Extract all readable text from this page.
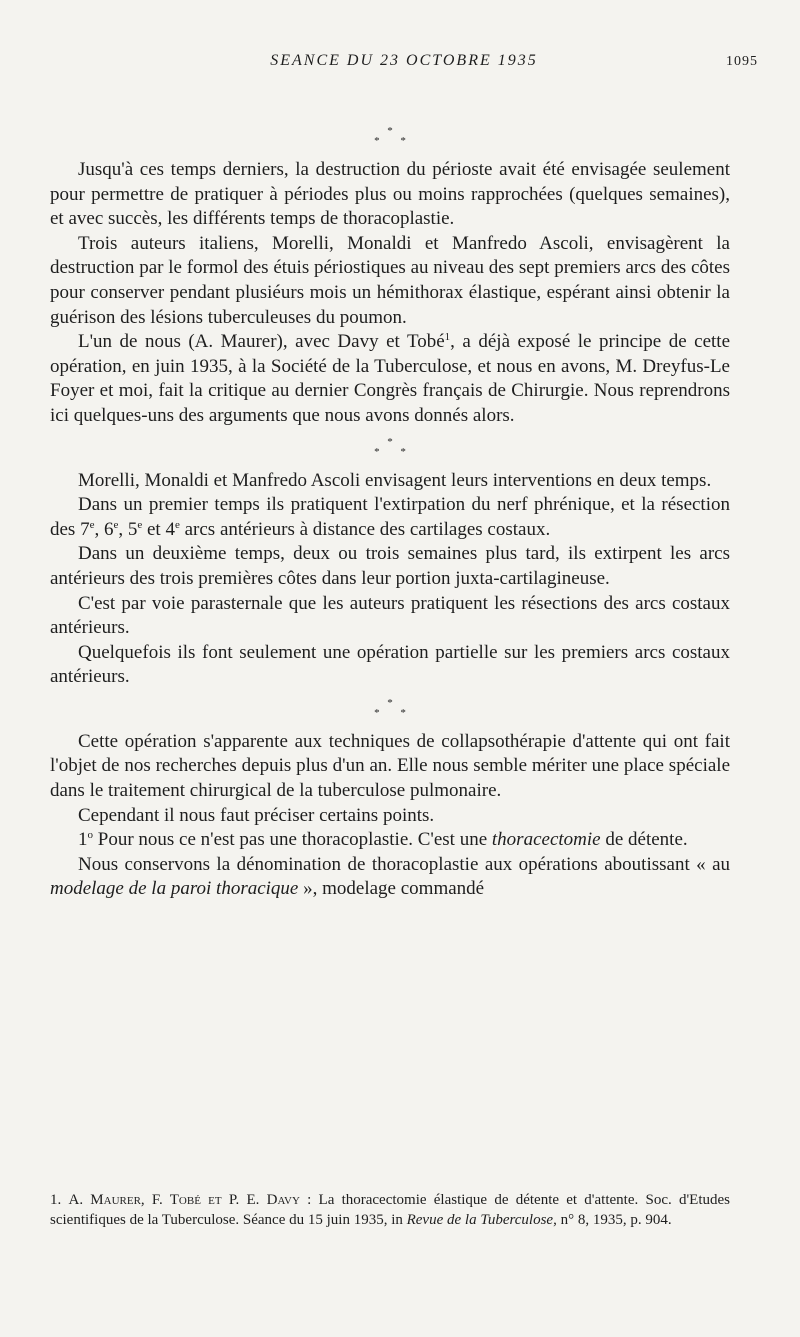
SEANCE DU 23 OCTOBRE 1935	1095
*
* *

Jusqu'à ces temps derniers, la destruction du périoste avait été envisagée seulement pour permettre de pratiquer à périodes plus ou moins rapprochées (quelques semaines), et avec succès, les différents temps de thoracoplastie.

Trois auteurs italiens, Morelli, Monaldi et Manfredo Ascoli, envisagèrent la destruction par le formol des étuis périostiques au niveau des sept premiers arcs des côtes pour conserver pendant plusiéurs mois un hémithorax élastique, espérant ainsi obtenir la guérison des lésions tuberculeuses du poumon.

L'un de nous (A. Maurer), avec Davy et Tobé$^1$, a déjà exposé le principe de cette opération, en juin 1935, à la Société de la Tuberculose, et nous en avons, M. Dreyfus-Le Foyer et moi, fait la critique au dernier Congrès français de Chirurgie. Nous reprendrons ici quelques-uns des arguments que nous avons donnés alors.

*
* *

Morelli, Monaldi et Manfredo Ascoli envisagent leurs interventions en deux temps.

Dans un premier temps ils pratiquent l'extirpation du nerf phrénique, et la résection des 7e, 6e, 5e et 4e arcs antérieurs à distance des cartilages costaux.

Dans un deuxième temps, deux ou trois semaines plus tard, ils extirpent les arcs antérieurs des trois premières côtes dans leur portion juxta-cartilagineuse.

C'est par voie parasternale que les auteurs pratiquent les résections des arcs costaux antérieurs.

Quelquefois ils font seulement une opération partielle sur les premiers arcs costaux antérieurs.

*
* *

Cette opération s'apparente aux techniques de collapsothérapie d'attente qui ont fait l'objet de nos recherches depuis plus d'un an. Elle nous semble mériter une place spéciale dans le traitement chirurgical de la tuberculose pulmonaire.

Cependant il nous faut préciser certains points.

1$^o$ Pour nous ce n'est pas une thoracoplastie. C'est une thoracectomie de détente.

Nous conservons la dénomination de thoracoplastie aux opérations aboutissant « au modelage de la paroi thoracique », modelage commandé

1. A. Maurer, F. Tobé et P. E. Davy : La thoracectomie élastique de détente et d'attente. Soc. d'Etudes scientifiques de la Tuberculose. Séance du 15 juin 1935, in Revue de la Tuberculose, n° 8, 1935, p. 904.
